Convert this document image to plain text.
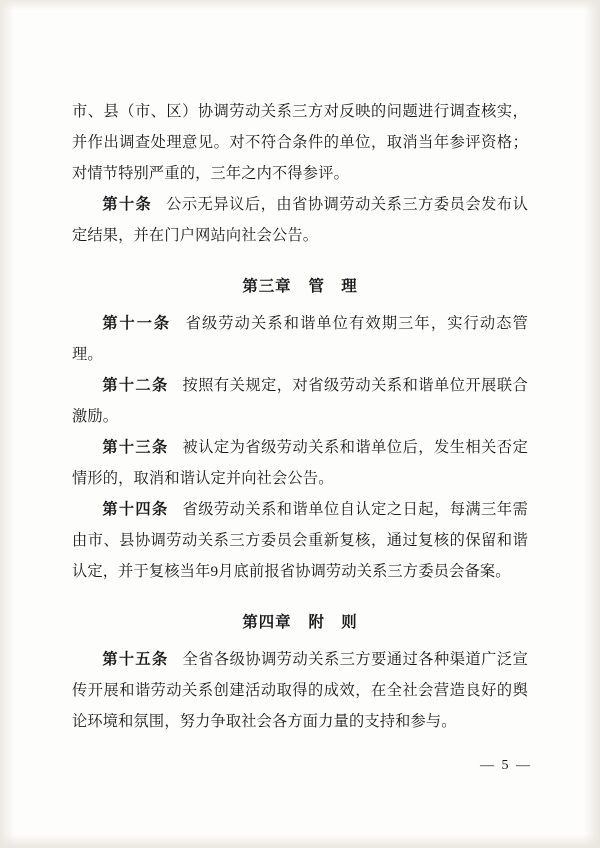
市、县（市、区）协调劳动关系三方对反映的问题进行调查核实，并作出调查处理意见。对不符合条件的单位，取消当年参评资格；对情节特别严重的，三年之内不得参评。

第十条 公示无异议后，由省协调劳动关系三方委员会发布认定结果，并在门户网站向社会公告。

第三章 管　理

第十一条 省级劳动关系和谐单位有效期三年，实行动态管理。

第十二条 按照有关规定，对省级劳动关系和谐单位开展联合激励。

第十三条 被认定为省级劳动关系和谐单位后，发生相关否定情形的，取消和谐认定并向社会公告。

第十四条 省级劳动关系和谐单位自认定之日起，每满三年需由市、县协调劳动关系三方委员会重新复核，通过复核的保留和谐认定，并于复核当年9月底前报省协调劳动关系三方委员会备案。

第四章 附　则

第十五条 全省各级协调劳动关系三方要通过各种渠道广泛宣传开展和谐劳动关系创建活动取得的成效，在全社会营造良好的舆论环境和氛围，努力争取社会各方面力量的支持和参与。

— 5 —
